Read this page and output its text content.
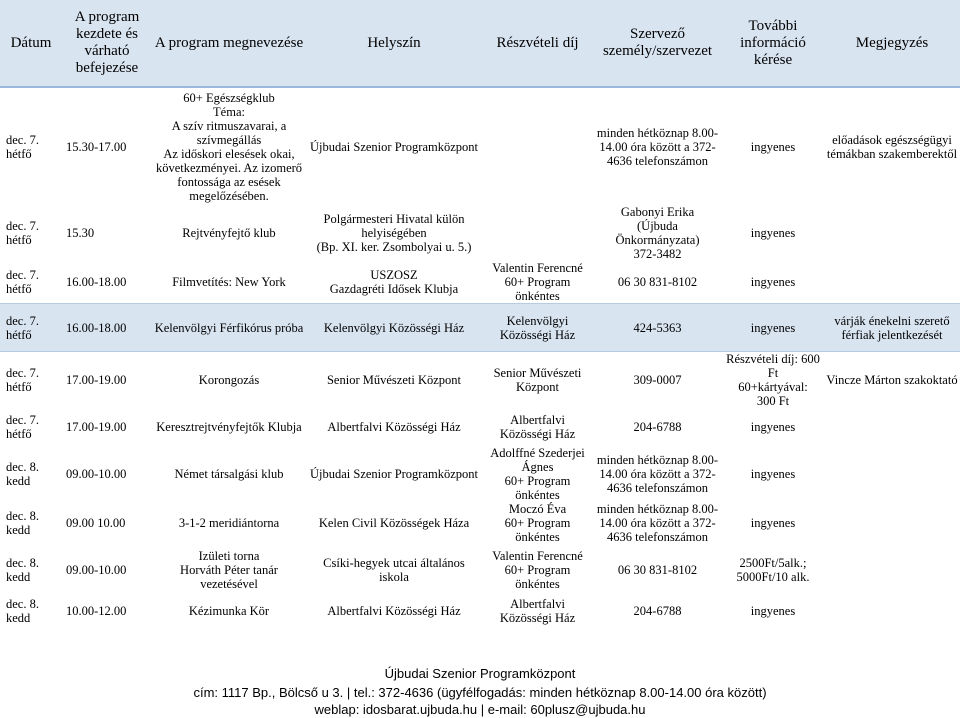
Dátum	A program kezdete és várható befejezése	A program megnevezése	Helyszín	Részvételi díj	Szervező személy/szervezet	További információ kérése	Megjegyzés
dec. 7.
hétfő	15.30-17.00	60+ Egészségklub
Téma:
A szív ritmuszavarai, a szívmegállás
Az időskori elesések okai, következményei. Az izomerő fontossága az esések megelőzésében.	Újbudai Szenior Programközpont		minden hétköznap 8.00-14.00 óra között a 372-4636 telefonszámon	ingyenes	előadások egészségügyi témákban szakemberektől
dec. 7.
hétfő	15.30	Rejtvényfejtő klub	Polgármesteri Hivatal külön helyiségében
(Bp. XI. ker. Zsombolyai u. 5.)		Gabonyi Erika
(Újbuda Önkormányzata)
372-3482	ingyenes	
dec. 7.
hétfő	16.00-18.00	Filmvetítés: New York	USZOSZ
Gazdagréti Idősek Klubja	Valentin Ferencné
60+ Program önkéntes	06 30 831-8102	ingyenes	
dec. 7.
hétfő	16.00-18.00	Kelenvölgyi Férfikórus próba	Kelenvölgyi Közösségi Ház	Kelenvölgyi Közösségi Ház	424-5363	ingyenes	várják énekelni szerető férfiak jelentkezését
dec. 7.
hétfő	17.00-19.00	Korongozás	Senior Művészeti Központ	Senior Művészeti Központ	309-0007	Részvételi díj: 600 Ft
60+kártyával:
300 Ft	Vincze Márton szakoktató
dec. 7.
hétfő	17.00-19.00	Keresztrejtvényfejtők Klubja	Albertfalvi Közösségi Ház	Albertfalvi Közösségi Ház	204-6788	ingyenes	
dec. 8.
kedd	09.00-10.00	Német társalgási klub	Újbudai Szenior Programközpont	Adolffné Szederjei Ágnes
60+ Program önkéntes	minden hétköznap 8.00-14.00 óra között a 372-4636 telefonszámon	ingyenes	
dec. 8.
kedd	09.00 10.00	3-1-2 meridiántorna	Kelen Civil Közösségek Háza	Moczó Éva
60+ Program önkéntes	minden hétköznap 8.00-14.00 óra között a 372-4636 telefonszámon	ingyenes	
dec. 8.
kedd	09.00-10.00	Izületi torna
Horváth Péter tanár vezetésével	Csíki-hegyek utcai általános iskola	Valentin Ferencné
60+ Program önkéntes	06 30 831-8102	2500Ft/5alk.;
5000Ft/10 alk.	
dec. 8.
kedd	10.00-12.00	Kézimunka Kör	Albertfalvi Közösségi Ház	Albertfalvi Közösségi Ház	204-6788	ingyenes	
Újbudai Szenior Programközpont
cím: 1117 Bp., Bölcső u 3. | tel.: 372-4636 (ügyfélfogadás: minden hétköznap 8.00-14.00 óra között)
weblap: idosbarat.ujbuda.hu | e-mail: 60plusz@ujbuda.hu
